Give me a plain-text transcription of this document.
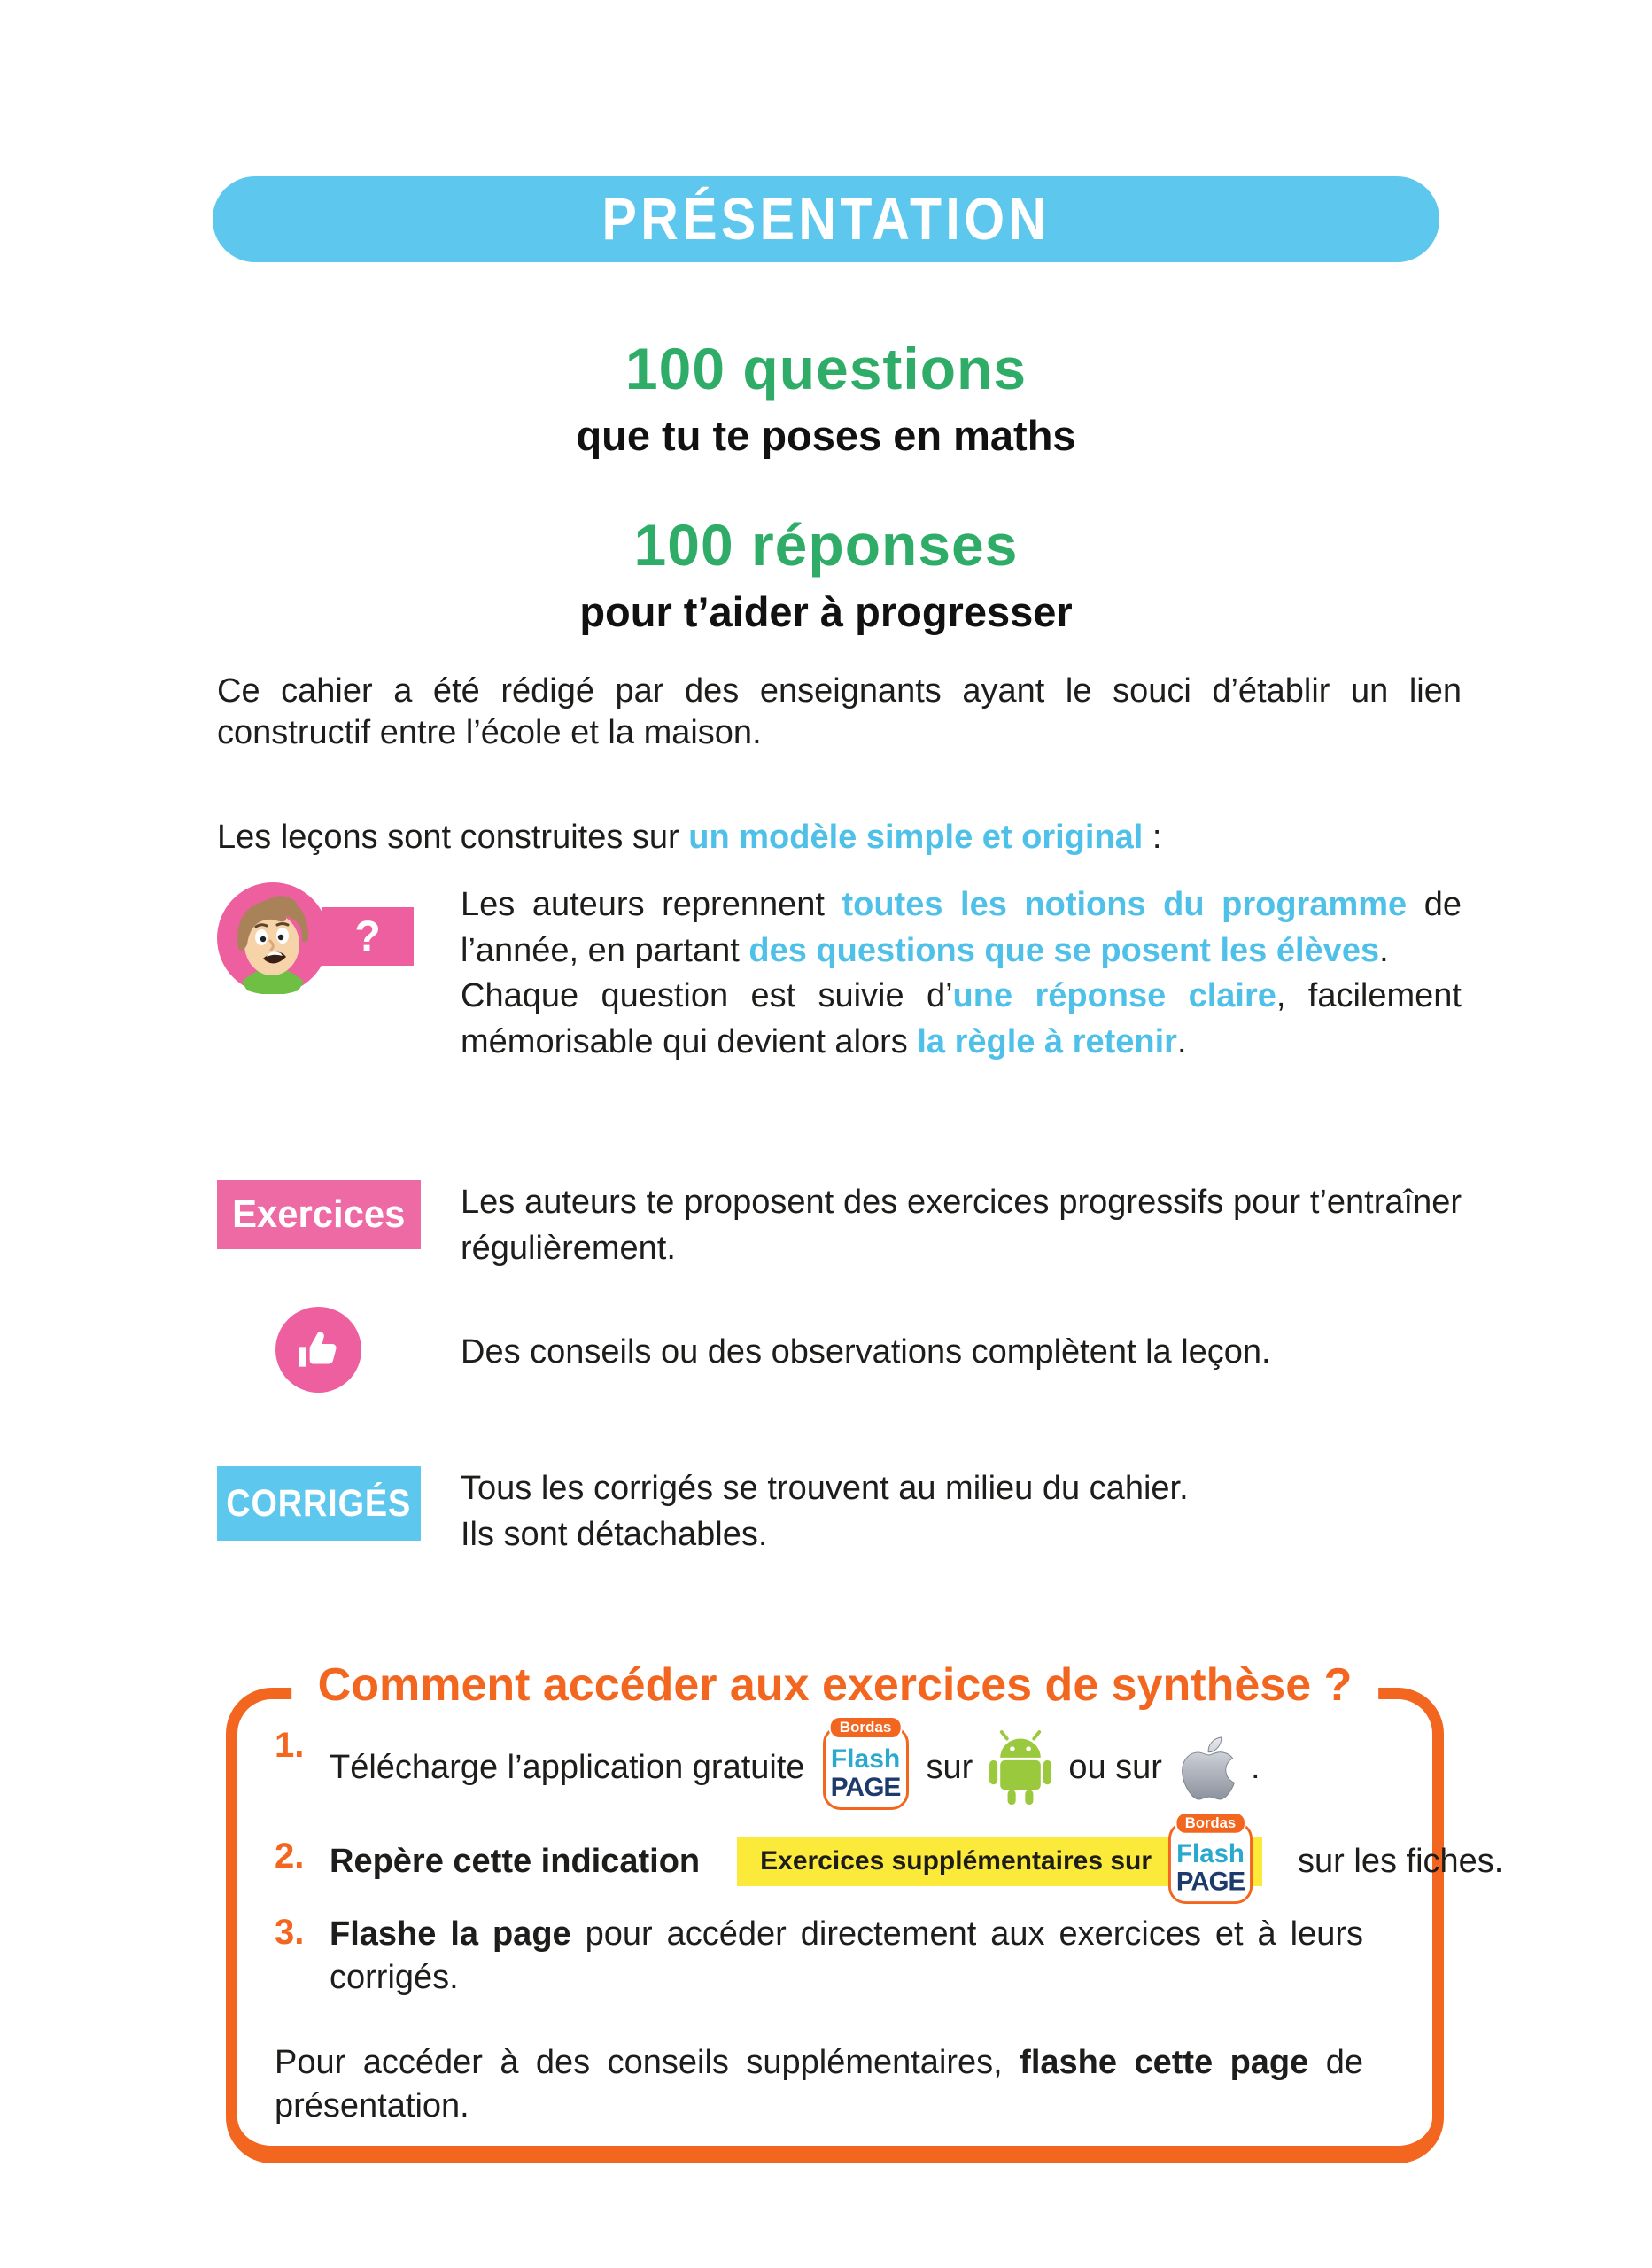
PRÉSENTATION
100 questions
que tu te poses en maths
100 réponses
pour t’aider à progresser

Ce cahier a été rédigé par des enseignants ayant le souci d’établir un lien constructif entre l’école et la maison.

Les leçons sont construites sur un modèle simple et original :

?
Les auteurs reprennent toutes les notions du programme de l’année, en partant des questions que se posent les élèves.
Chaque question est suivie d’une réponse claire, facilement mémorisable qui devient alors la règle à retenir.
Exercices Les auteurs te proposent des exercices progressifs pour t’entraîner régulièrement.
Des conseils ou des observations complètent la leçon.
CORRIGÉS Tous les corrigés se trouvent au milieu du cahier.
Ils sont détachables.
Comment accéder aux exercices de synthèse ?
1.
Télécharge l’application gratuite
Bordas
Flash
PAGE
sur	ou sur	.
2. Repère cette indication Exercices supplémentaires sur
Bordas
Flash
PAGE
sur les fiches.
3. Flashe la page pour accéder directement aux exercices et à leurs corrigés.

Pour accéder à des conseils supplémentaires, flashe cette page de présentation.
